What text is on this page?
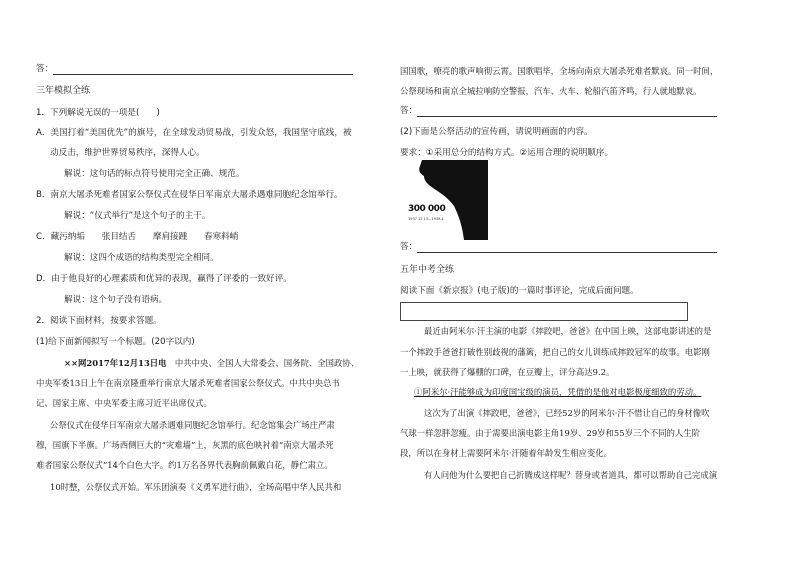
答：
三年模拟全练
1．下列解说无误的一项是(　　)
A．美国打着“美国优先”的旗号，在全球发动贸易战，引发众怒，我国坚守底线，被
动反击，维护世界贸易秩序，深得人心。
解说：这句话的标点符号使用完全正确、规范。
B．南京大屠杀死难者国家公祭仪式在侵华日军南京大屠杀遇难同胞纪念馆举行。
解说：“仪式举行”是这个句子的主干。
C．藏污纳垢 张目结舌 摩肩接踵 春寒料峭
解说：这四个成语的结构类型完全相同。
D．由于他良好的心理素质和优异的表现，赢得了评委的一致好评。
解说：这个句子没有语病。
2．阅读下面材料，按要求答题。
(1)给下面新闻拟写一个标题。(20字以内)
××网2017年12月13日电　中共中央、全国人大常委会、国务院、全国政协、
中央军委13日上午在南京隆重举行南京大屠杀死难者国家公祭仪式。中共中央总书
记、国家主席、中央军委主席习近平出席仪式。
公祭仪式在侵华日军南京大屠杀遇难同胞纪念馆举行。纪念馆集会广场庄严肃
穆，国旗下半旗。广场西侧巨大的“灾难墙”上，灰黑的底色映衬着“南京大屠杀死
难者国家公祭仪式”14个白色大字。约1万名各界代表胸前佩戴白花，静伫肃立。
10时整，公祭仪式开始。军乐团演奏《义勇军进行曲》，全场高唱中华人民共和
国国歌，嘹亮的歌声响彻云霄。国歌唱毕，全场向南京大屠杀死难者默哀。同一时间，
公祭现场和南京全城拉响防空警报，汽车、火车、轮船汽笛齐鸣，行人就地默哀。
答：
(2)下面是公祭活动的宣传画，请说明画面的内容。
要求：①采用总分的结构方式。②运用合理的说明顺序。
300 000
1937.12.13—1938.1
答：
五年中考全练
阅读下面《新京报》(电子版)的一篇时事评论，完成后面问题。
最近由阿米尔·汗主演的电影《摔跤吧，爸爸》在中国上映，这部电影讲述的是
一个摔跤手爸爸打破性别歧视的藩篱，把自己的女儿训练成摔跤冠军的故事。电影刚
一上映，就获得了爆棚的口碑，在豆瓣上，评分高达9.2。
①阿米尔·汗能够成为印度国宝级的演员，凭借的是他对电影极度细致的劳动。
这次为了出演《摔跤吧，爸爸》，已经52岁的阿米尔·汗不惜让自己的身材像吹
气球一样忽胖忽瘦。由于需要出演电影主角19岁、29岁和55岁三个不同的人生阶
段，所以在身材上需要阿米尔·汗随着年龄发生相应变化。
有人问他为什么要把自己折腾成这样呢？替身或者道具，都可以帮助自己完成演
